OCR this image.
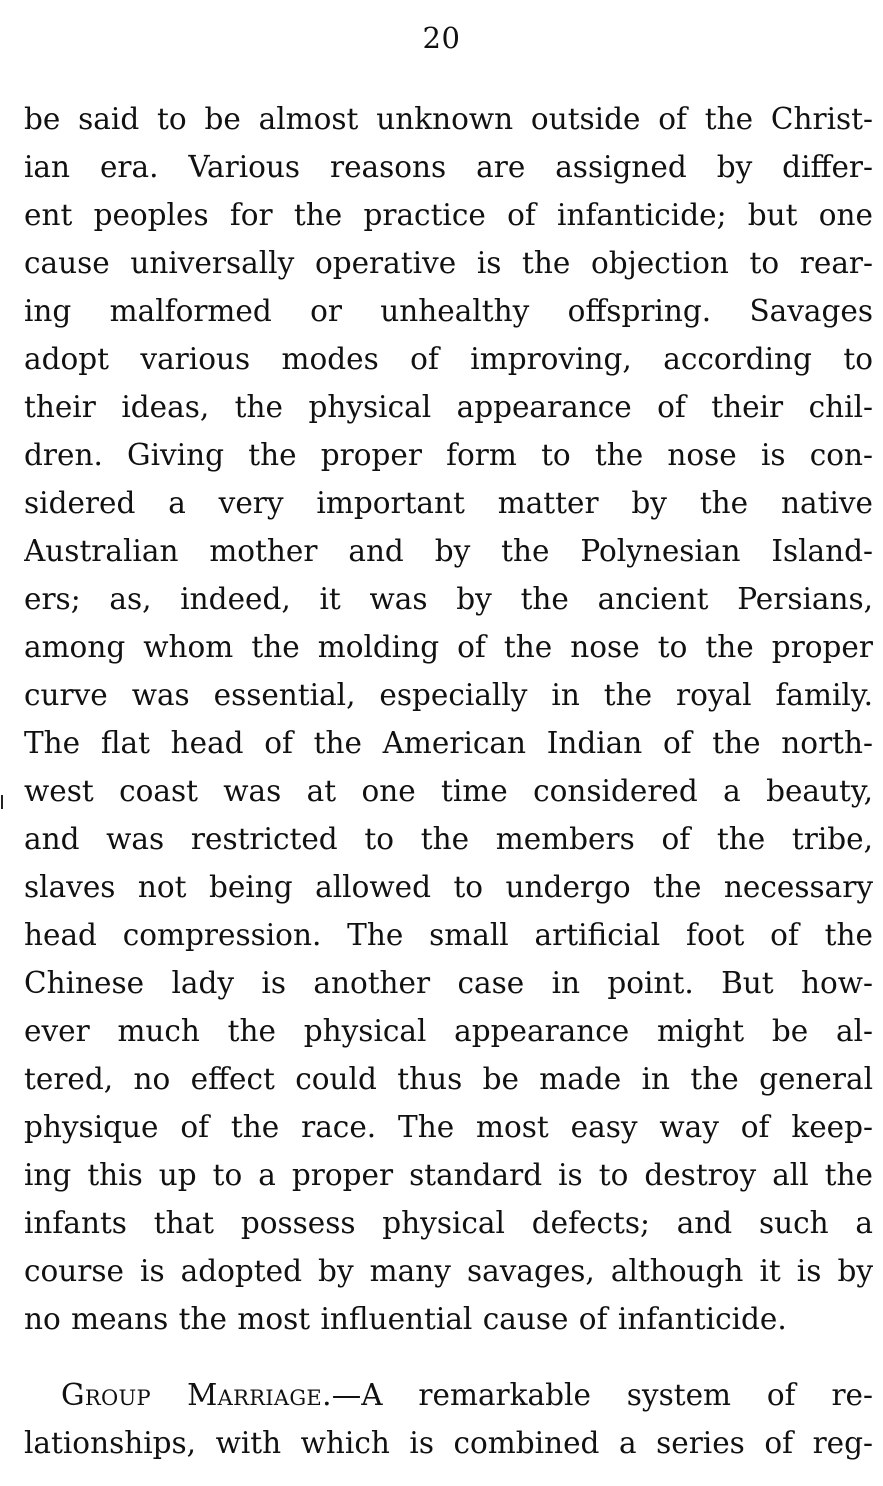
20
be said to be almost unknown outside of the Christ-
ian era. Various reasons are assigned by differ-
ent peoples for the practice of infanticide; but one
cause universally operative is the objection to rear-
ing malformed or unhealthy offspring. Savages
adopt various modes of improving, according to
their ideas, the physical appearance of their chil-
dren. Giving the proper form to the nose is con-
sidered a very important matter by the native
Australian mother and by the Polynesian Island-
ers; as, indeed, it was by the ancient Persians,
among whom the molding of the nose to the proper
curve was essential, especially in the royal family.
The flat head of the American Indian of the north-
west coast was at one time considered a beauty,
and was restricted to the members of the tribe,
slaves not being allowed to undergo the necessary
head compression. The small artificial foot of the
Chinese lady is another case in point. But how-
ever much the physical appearance might be al-
tered, no effect could thus be made in the general
physique of the race. The most easy way of keep-
ing this up to a proper standard is to destroy all the
infants that possess physical defects; and such a
course is adopted by many savages, although it is by
no means the most influential cause of infanticide.
Group Marriage.—A remarkable system of re-
lationships, with which is combined a series of reg-
